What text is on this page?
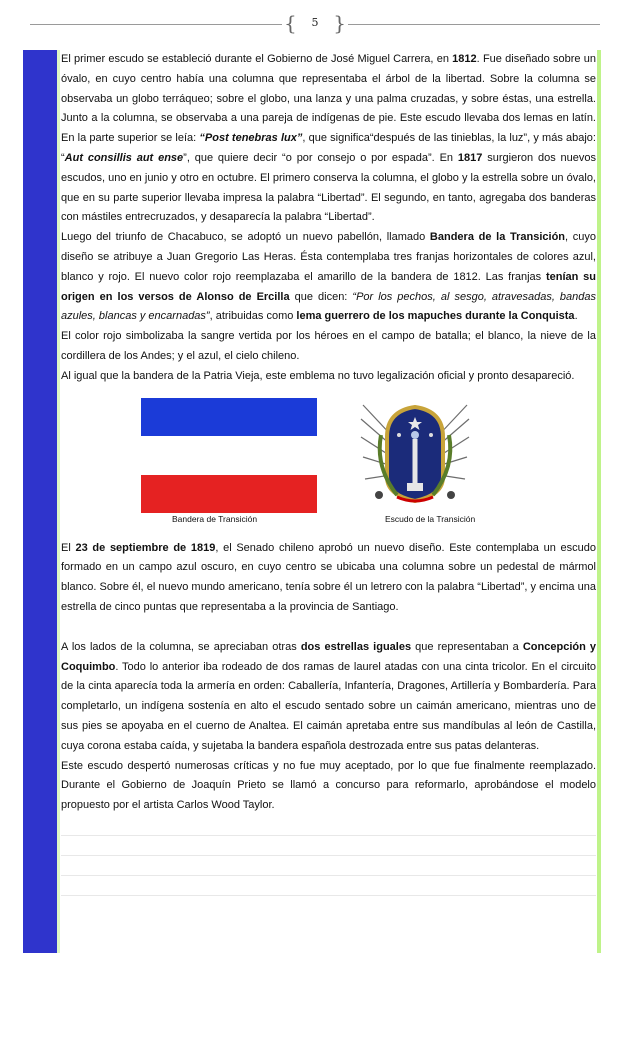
{	5 }

El primer escudo se estableció durante el Gobierno de José Miguel Carrera, en 1812. Fue diseñado sobre un óvalo, en cuyo centro había una columna que representaba el árbol de la libertad. Sobre la columna se observaba un globo terráqueo; sobre el globo, una lanza y una palma cruzadas, y sobre éstas, una estrella. Junto a la columna, se observaba a una pareja de indígenas de pie. Este escudo llevaba dos lemas en latín. En la parte superior se leía: “Post tenebras lux”, que significa“después de las tinieblas, la luz”, y más abajo: “Aut consillis aut ense”, que quiere decir “o por consejo o por espada”. En 1817 surgieron dos nuevos escudos, uno en junio y otro en octubre. El primero conserva la columna, el globo y la estrella sobre un óvalo, que en su parte superior llevaba impresa la palabra “Libertad”. El segundo, en tanto, agregaba dos banderas con mástiles entrecruzados, y desaparecía la palabra “Libertad”.

Luego del triunfo de Chacabuco, se adoptó un nuevo pabellón, llamado Bandera de la Transición, cuyo diseño se atribuye a Juan Gregorio Las Heras. Ésta contemplaba tres franjas horizontales de colores azul, blanco y rojo. El nuevo color rojo reemplazaba el amarillo de la bandera de 1812. Las franjas tenían su origen en los versos de Alonso de Ercilla que dicen: “Por los pechos, al sesgo, atravesadas, bandas azules, blancas y encarnadas”, atribuidas como lema guerrero de los mapuches durante la Conquista.

El color rojo simbolizaba la sangre vertida por los héroes en el campo de batalla; el blanco, la nieve de la cordillera de los Andes; y el azul, el cielo chileno.

Al igual que la bandera de la Patria Vieja, este emblema no tuvo legalización oficial y pronto desapareció.

Bandera de Transición	Escudo de la Transición

El 23 de septiembre de 1819, el Senado chileno aprobó un nuevo diseño. Este contemplaba un escudo formado en un campo azul oscuro, en cuyo centro se ubicaba una columna sobre un pedestal de mármol blanco. Sobre él, el nuevo mundo americano, tenía sobre él un letrero con la palabra “Libertad”, y encima una estrella de cinco puntas que representaba a la provincia de Santiago.

A los lados de la columna, se apreciaban otras dos estrellas iguales que representaban a Concepción y Coquimbo. Todo lo anterior iba rodeado de dos ramas de laurel atadas con una cinta tricolor. En el circuito de la cinta aparecía toda la armería en orden: Caballería, Infantería, Dragones, Artillería y Bombardería. Para completarlo, un indígena sostenía en alto el escudo sentado sobre un caimán americano, mientras uno de sus pies se apoyaba en el cuerno de Analtea. El caimán apretaba entre sus mandíbulas al león de Castilla, cuya corona estaba caída, y sujetaba la bandera española destrozada entre sus patas delanteras.

Este escudo despertó numerosas críticas y no fue muy aceptado, por lo que fue finalmente reemplazado. Durante el Gobierno de Joaquín Prieto se llamó a concurso para reformarlo, aprobándose el modelo propuesto por el artista Carlos Wood Taylor.
